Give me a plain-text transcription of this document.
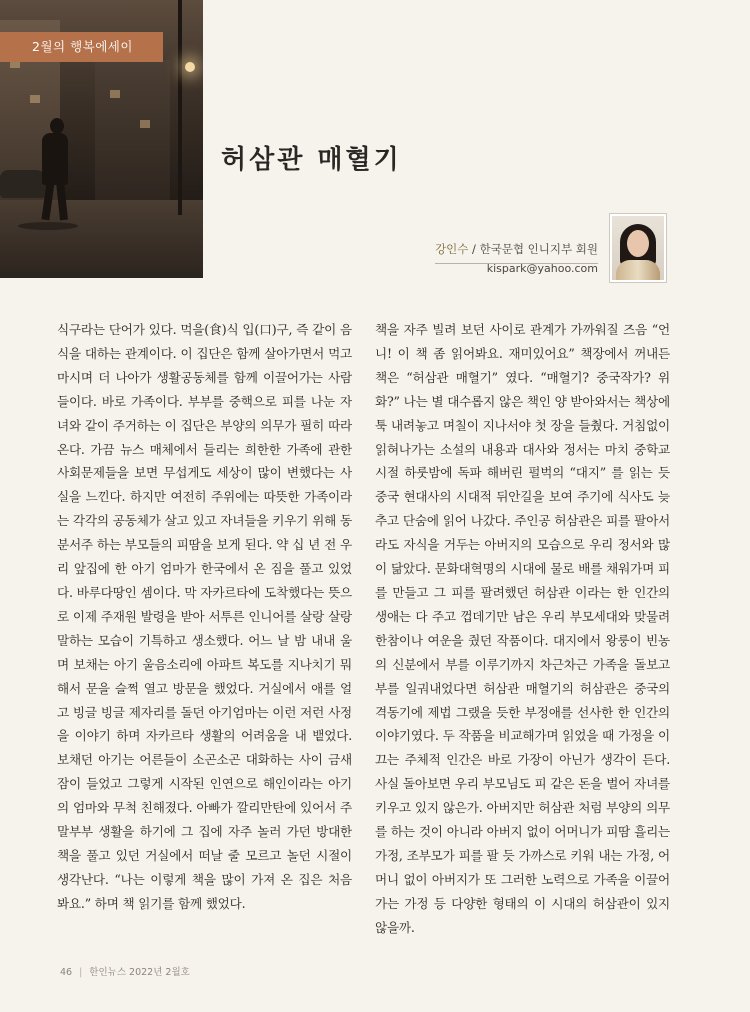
2월의 행복에세이
허삼관 매혈기

강인수 / 한국문협 인니지부 회원

kispark@yahoo.com

식구라는 단어가 있다. 먹을(食)식 입(口)구, 즉 같이 음식을 대하는 관계이다. 이 집단은 함께 살아가면서 먹고 마시며 더 나아가 생활공동체를 함께 이끌어가는 사람들이다. 바로 가족이다. 부부를 중핵으로 피를 나눈 자녀와 같이 주거하는 이 집단은 부양의 의무가 필히 따라온다. 가끔 뉴스 매체에서 들리는 희한한 가족에 관한 사회문제들을 보면 무섭게도 세상이 많이 변했다는 사실을 느낀다. 하지만 여전히 주위에는 따뜻한 가족이라는 각각의 공동체가 살고 있고 자녀들을 키우기 위해 동분서주 하는 부모들의 피땀을 보게 된다. 약 십 년 전 우리 앞집에 한 아기 엄마가 한국에서 온 짐을 풀고 있었다. 바루다땅인 셈이다. 막 자카르타에 도착했다는 뜻으로 이제 주재원 발령을 받아 서투른 인니어를 살랑 살랑 말하는 모습이 기특하고 생소했다. 어느 날 밤 내내 울며 보채는 아기 울음소리에 아파트 복도를 지나치기 뭐해서 문을 슬쩍 열고 방문을 했었다. 거실에서 애를 얼고 빙글 빙글 제자리를 돌던 아기엄마는 이런 저런 사정을 이야기 하며 자카르타 생활의 어려움을 내 뱉었다. 보채던 아기는 어른들이 소곤소곤 대화하는 사이 금새 잠이 들었고 그렇게 시작된 인연으로 해인이라는 아기의 엄마와 무척 친해졌다. 아빠가 깔리만탄에 있어서 주말부부 생활을 하기에 그 집에 자주 놀러 가던 방대한 책을 풀고 있던 거실에서 떠날 줄 모르고 놀던 시절이 생각난다. “나는 이렇게 책을 많이 가져 온 집은 처음 봐요.” 하며 책 읽기를 함께 했었다.

책을 자주 빌려 보던 사이로 관계가 가까워질 즈음 “언니! 이 책 좀 읽어봐요. 재미있어요” 책장에서 꺼내든 책은 “허삼관 매혈기” 였다. “매혈기? 중국작가? 위화?” 나는 별 대수롭지 않은 책인 양 받아와서는 책상에 툭 내려놓고 며칠이 지나서야 첫 장을 들췄다. 거침없이 읽혀나가는 소설의 내용과 대사와 정서는 마치 중학교 시절 하룻밤에 독파 해버린 펄벅의 “대지” 를 읽는 듯 중국 현대사의 시대적 뒤안길을 보여 주기에 식사도 늦추고 단숨에 읽어 나갔다. 주인공 허삼관은 피를 팔아서라도 자식을 거두는 아버지의 모습으로 우리 정서와 많이 닮았다. 문화대혁명의 시대에 물로 배를 채워가며 피를 만들고 그 피를 팔려했던 허삼관 이라는 한 인간의 생애는 다 주고 껍데기만 남은 우리 부모세대와 맞물려 한참이나 여운을 줬던 작품이다. 대지에서 왕룽이 빈농의 신분에서 부를 이루기까지 차근차근 가족을 돌보고 부를 일궈내었다면 허삼관 매혈기의 허삼관은 중국의 격동기에 제법 그랬을 듯한 부정애를 선사한 한 인간의 이야기였다. 두 작품을 비교해가며 읽었을 때 가정을 이끄는 주체적 인간은 바로 가장이 아닌가 생각이 든다. 사실 돌아보면 우리 부모님도 피 같은 돈을 벌어 자녀를 키우고 있지 않은가. 아버지만 허삼관 처럼 부양의 의무를 하는 것이 아니라 아버지 없이 어머니가 피땀 흘리는 가정, 조부모가 피를 팔 듯 가까스로 키워 내는 가정, 어머니 없이 아버지가 또 그러한 노력으로 가족을 이끌어가는 가정 등 다양한 형태의 이 시대의 허삼관이 있지 않을까.

46 | 한인뉴스 2022년 2월호
